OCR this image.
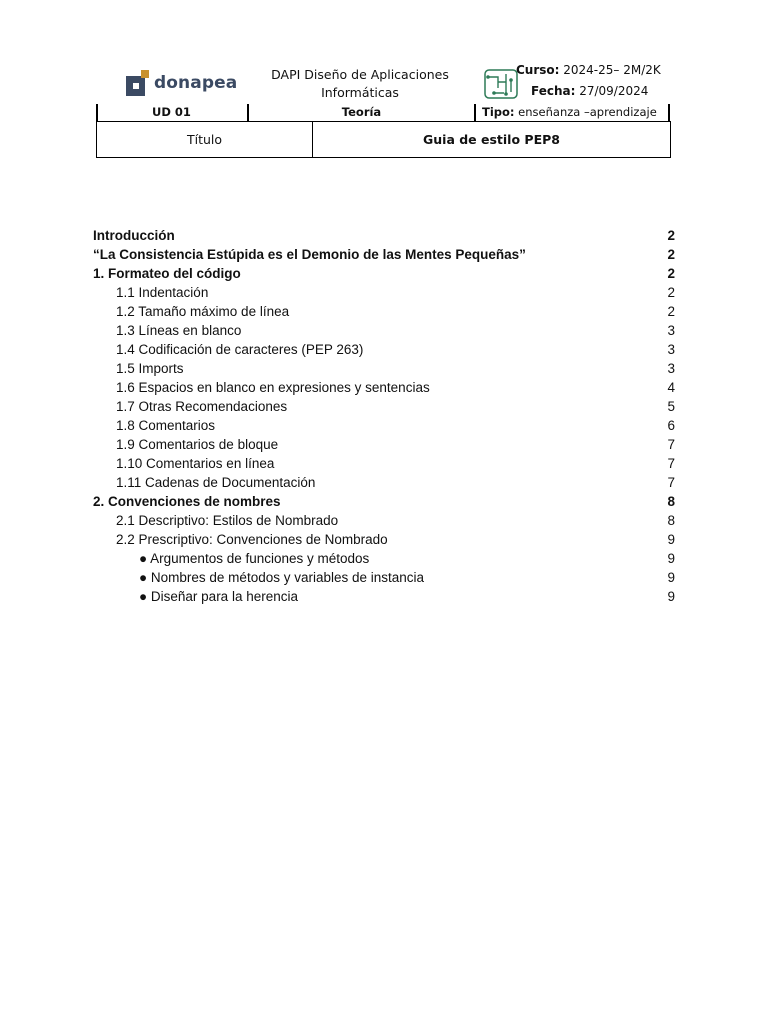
donapea	DAPI Diseño de Aplicaciones
Informáticas
Curso: 2024-25– 2M/2K
Fecha: 27/09/2024
UD 01	Teoría	Tipo: enseñanza –aprendizaje
Título	Guia de estilo PEP8
Introducción	2
“La Consistencia Estúpida es el Demonio de las Mentes Pequeñas”	2
1. Formateo del código	2
1.1 Indentación	2
1.2 Tamaño máximo de línea	2
1.3 Líneas en blanco	3
1.4 Codificación de caracteres (PEP 263)	3
1.5 Imports	3
1.6 Espacios en blanco en expresiones y sentencias	4
1.7 Otras Recomendaciones	5
1.8 Comentarios	6
1.9 Comentarios de bloque	7
1.10 Comentarios en línea	7
1.11 Cadenas de Documentación	7
2. Convenciones de nombres	8
2.1 Descriptivo: Estilos de Nombrado	8
2.2 Prescriptivo: Convenciones de Nombrado	9
● Argumentos de funciones y métodos	9
● Nombres de métodos y variables de instancia	9
● Diseñar para la herencia	9
